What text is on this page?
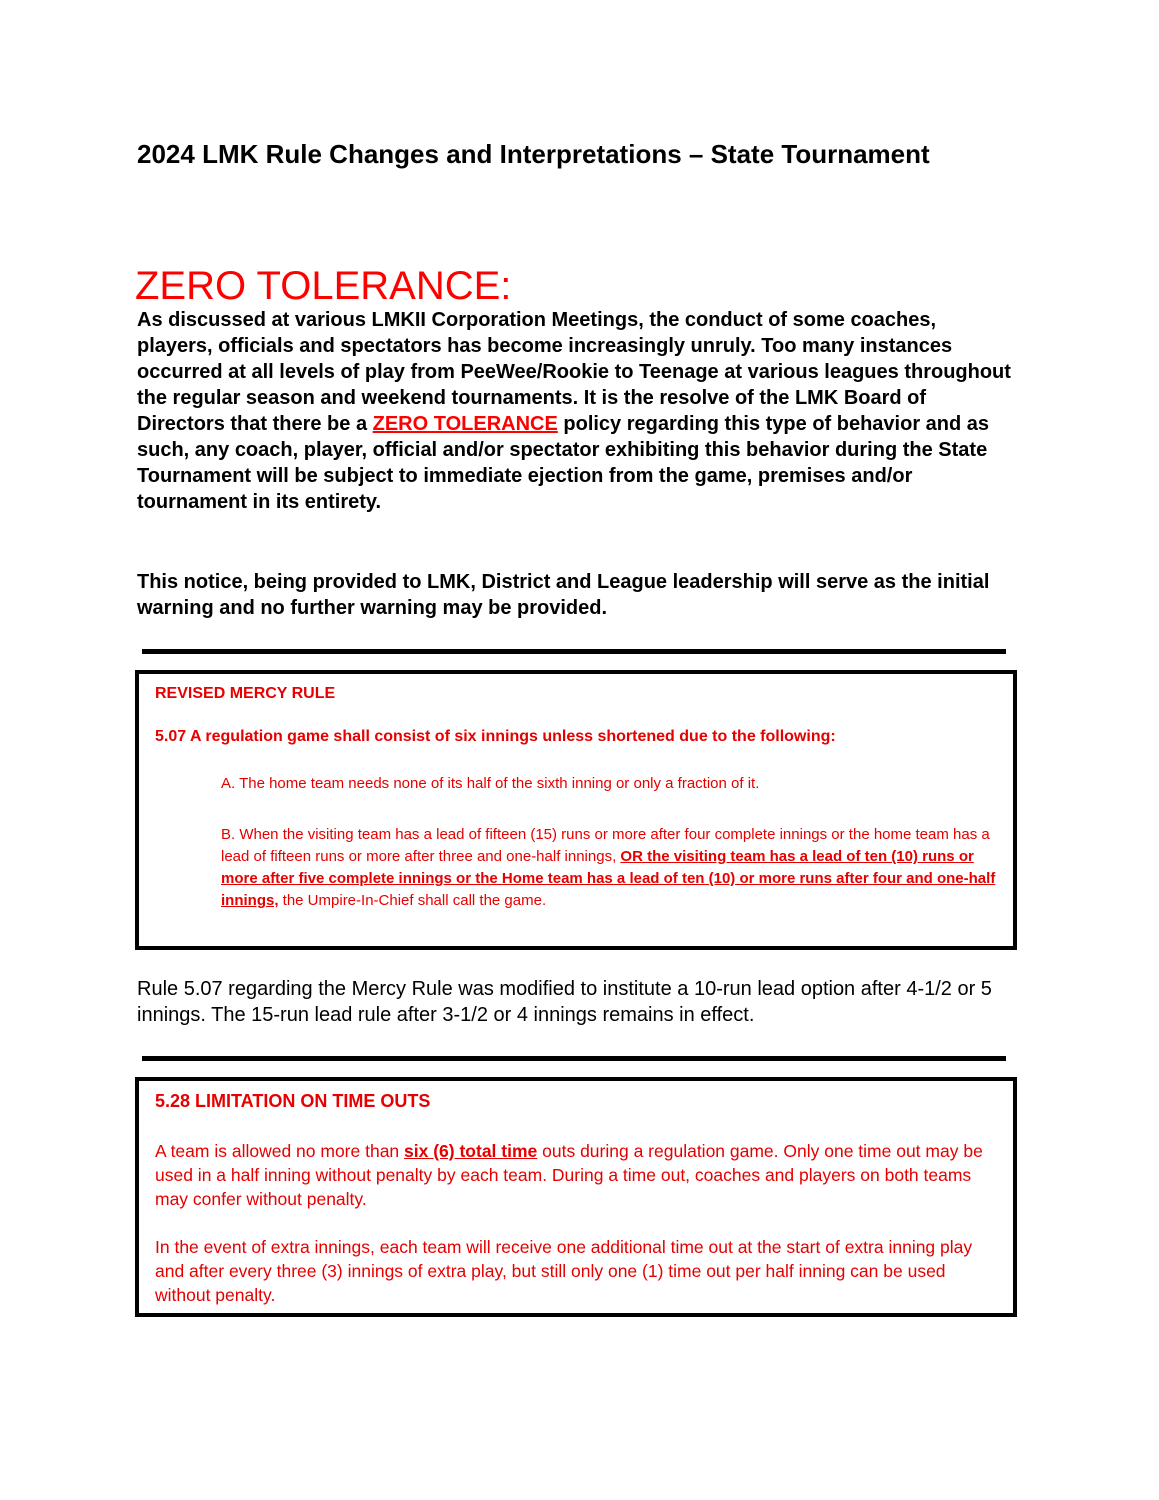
2024 LMK Rule Changes and Interpretations – State Tournament
ZERO TOLERANCE:

As discussed at various LMKII Corporation Meetings, the conduct of some coaches, players, officials and spectators has become increasingly unruly. Too many instances occurred at all levels of play from PeeWee/Rookie to Teenage at various leagues throughout the regular season and weekend tournaments. It is the resolve of the LMK Board of Directors that there be a ZERO TOLERANCE policy regarding this type of behavior and as such, any coach, player, official and/or spectator exhibiting this behavior during the State Tournament will be subject to immediate ejection from the game, premises and/or tournament in its entirety.

This notice, being provided to LMK, District and League leadership will serve as the initial warning and no further warning may be provided.

REVISED MERCY RULE
5.07 A regulation game shall consist of six innings unless shortened due to the following:
A. The home team needs none of its half of the sixth inning or only a fraction of it.
B. When the visiting team has a lead of fifteen (15) runs or more after four complete innings or the home team has a lead of fifteen runs or more after three and one-half innings, OR the visiting team has a lead of ten (10) runs or more after five complete innings or the Home team has a lead of ten (10) or more runs after four and one-half innings, the Umpire-In-Chief shall call the game.

Rule 5.07 regarding the Mercy Rule was modified to institute a 10-run lead option after 4-1/2 or 5 innings. The 15-run lead rule after 3-1/2 or 4 innings remains in effect.

5.28 LIMITATION ON TIME OUTS

A team is allowed no more than six (6) total time outs during a regulation game. Only one time out may be used in a half inning without penalty by each team. During a time out, coaches and players on both teams may confer without penalty.

In the event of extra innings, each team will receive one additional time out at the start of extra inning play and after every three (3) innings of extra play, but still only one (1) time out per half inning can be used without penalty.
